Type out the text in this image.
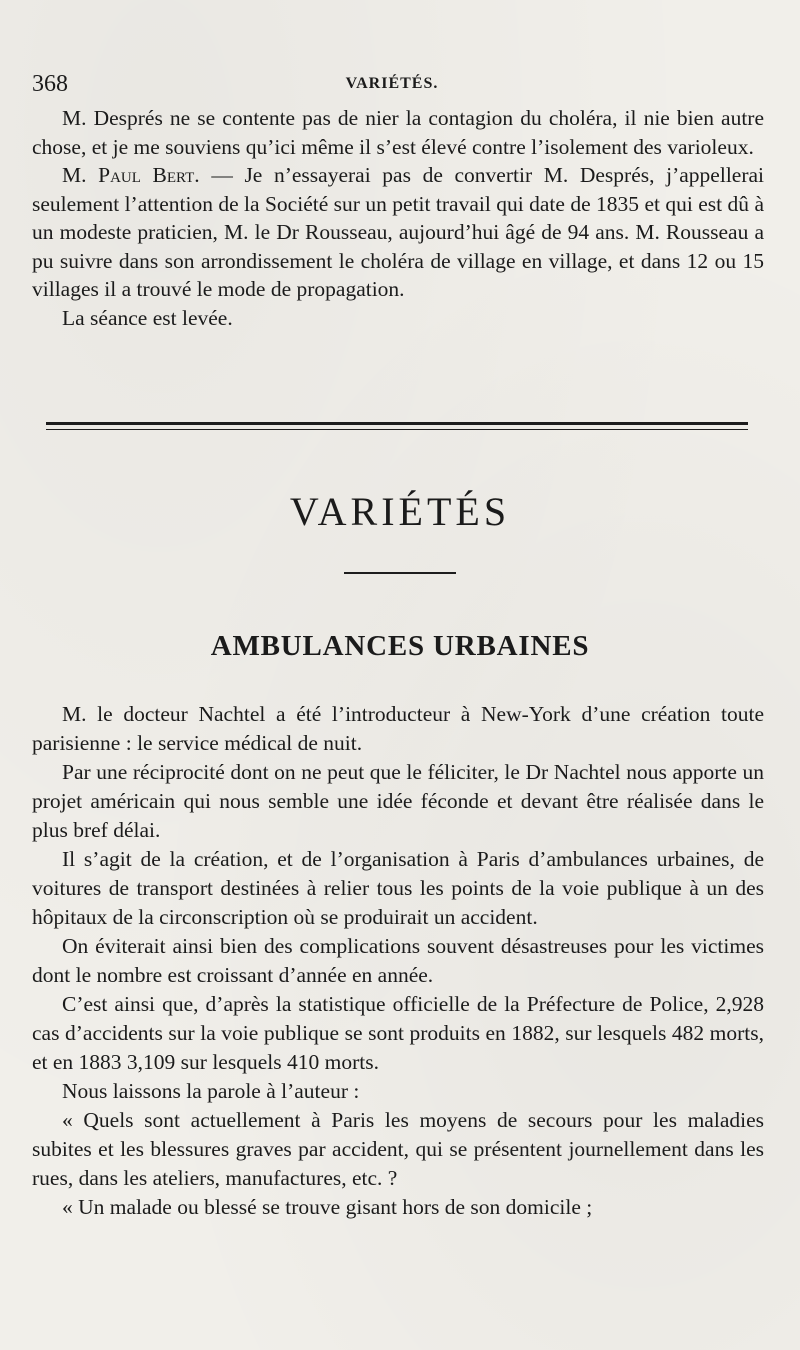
368	VARIÉTÉS.

M. Després ne se contente pas de nier la contagion du choléra, il nie bien autre chose, et je me souviens qu’ici même il s’est élevé contre l’isolement des varioleux.

M. Paul Bert. — Je n’essayerai pas de convertir M. Després, j’appellerai seulement l’attention de la Société sur un petit travail qui date de 1835 et qui est dû à un modeste praticien, M. le Dr Rousseau, aujourd’hui âgé de 94 ans. M. Rousseau a pu suivre dans son arrondissement le choléra de village en village, et dans 12 ou 15 villages il a trouvé le mode de propagation.

La séance est levée.

VARIÉTÉS
AMBULANCES URBAINES

M. le docteur Nachtel a été l’introducteur à New-York d’une création toute parisienne : le service médical de nuit.

Par une réciprocité dont on ne peut que le féliciter, le Dr Nachtel nous apporte un projet américain qui nous semble une idée féconde et devant être réalisée dans le plus bref délai.

Il s’agit de la création, et de l’organisation à Paris d’ambulances urbaines, de voitures de transport destinées à relier tous les points de la voie publique à un des hôpitaux de la circonscription où se produirait un accident.

On éviterait ainsi bien des complications souvent désastreuses pour les victimes dont le nombre est croissant d’année en année.

C’est ainsi que, d’après la statistique officielle de la Préfecture de Police, 2,928 cas d’accidents sur la voie publique se sont produits en 1882, sur lesquels 482 morts, et en 1883 3,109 sur lesquels 410 morts.

Nous laissons la parole à l’auteur :

« Quels sont actuellement à Paris les moyens de secours pour les maladies subites et les blessures graves par accident, qui se présentent journellement dans les rues, dans les ateliers, manufactures, etc. ?

« Un malade ou blessé se trouve gisant hors de son domicile ;
